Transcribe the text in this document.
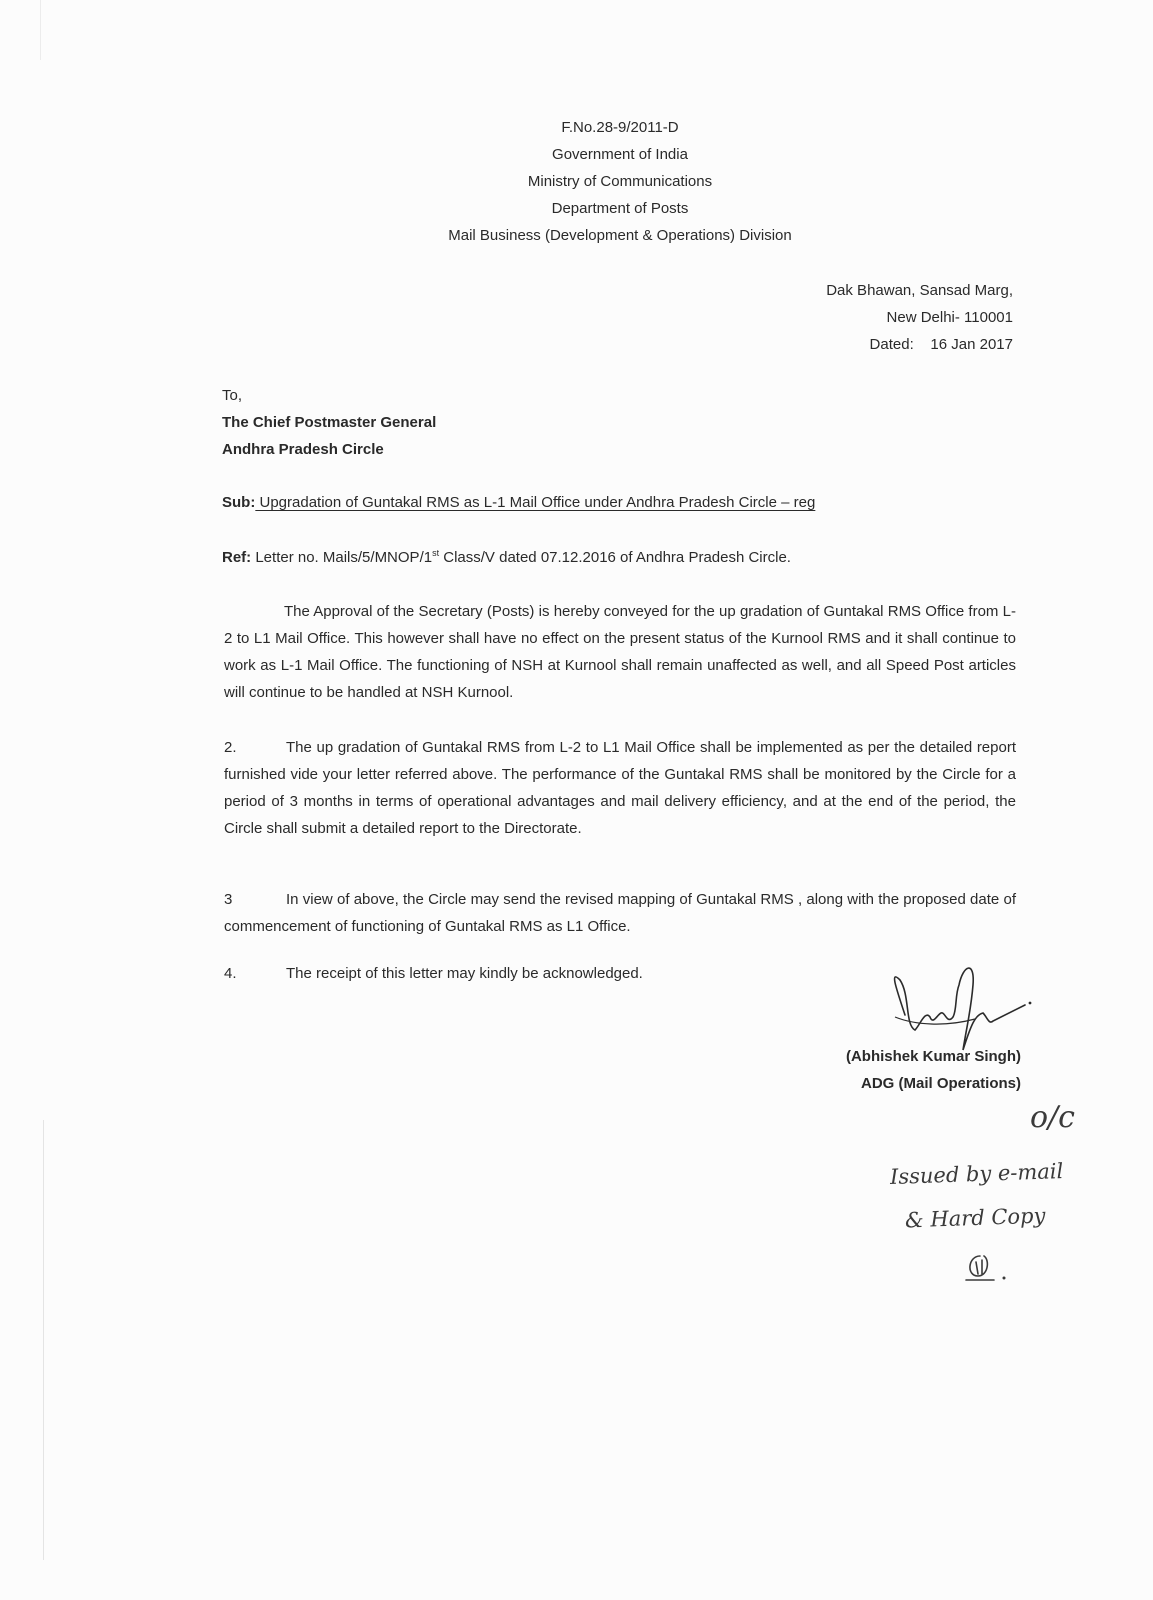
F.No.28-9/2011-D
Government of India
Ministry of Communications
Department of Posts
Mail Business (Development & Operations) Division
Dak Bhawan, Sansad Marg,
New Delhi- 110001
Dated: 16 Jan 2017
To,
The Chief Postmaster General
Andhra Pradesh Circle
Sub: Upgradation of Guntakal RMS as L-1 Mail Office under Andhra Pradesh Circle – reg
Ref: Letter no. Mails/5/MNOP/1st Class/V dated 07.12.2016 of Andhra Pradesh Circle.
The Approval of the Secretary (Posts) is hereby conveyed for the up gradation of Guntakal RMS Office from L-2 to L1 Mail Office. This however shall have no effect on the present status of the Kurnool RMS and it shall continue to work as L-1 Mail Office. The functioning of NSH at Kurnool shall remain unaffected as well, and all Speed Post articles will continue to be handled at NSH Kurnool.
2.	The up gradation of Guntakal RMS from L-2 to L1 Mail Office shall be implemented as per the detailed report furnished vide your letter referred above. The performance of the Guntakal RMS shall be monitored by the Circle for a period of 3 months in terms of operational advantages and mail delivery efficiency, and at the end of the period, the Circle shall submit a detailed report to the Directorate.
3	In view of above, the Circle may send the revised mapping of Guntakal RMS , along with the proposed date of commencement of functioning of Guntakal RMS as L1 Office.
4.	The receipt of this letter may kindly be acknowledged.
(Abhishek Kumar Singh)
ADG (Mail Operations)
o/c
Issued by e-mail
& Hard Copy
